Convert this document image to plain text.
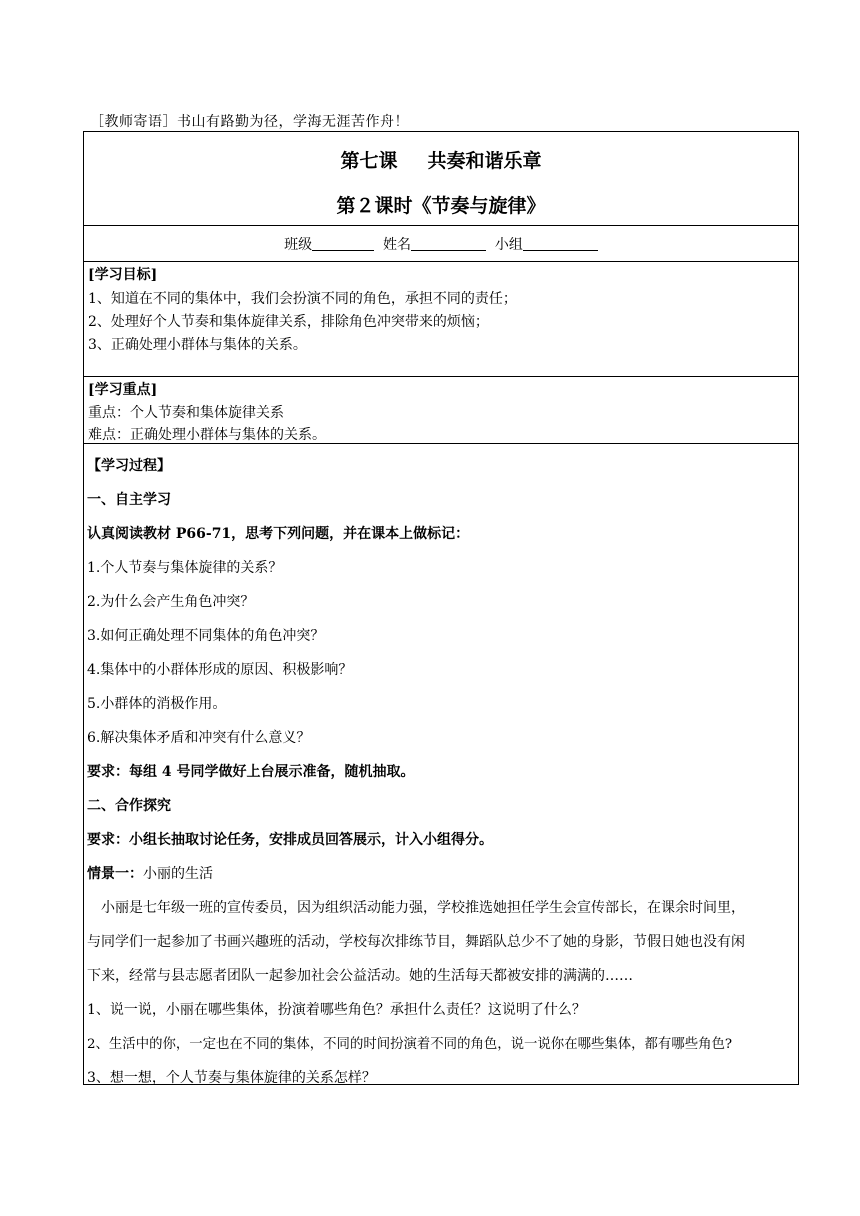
［教师寄语］书山有路勤为径，学海无涯苦作舟！
第七课 共奏和谐乐章
第２课时《节奏与旋律》
班级	姓名	小组
[学习目标]
1、知道在不同的集体中，我们会扮演不同的角色，承担不同的责任；
2、处理好个人节奏和集体旋律关系，排除角色冲突带来的烦恼；
3、正确处理小群体与集体的关系。
[学习重点]
重点：个人节奏和集体旋律关系
难点：正确处理小群体与集体的关系。
【学习过程】
一、自主学习
认真阅读教材 P66-71，思考下列问题，并在课本上做标记：
1.个人节奏与集体旋律的关系？
2.为什么会产生角色冲突？
3.如何正确处理不同集体的角色冲突？
4.集体中的小群体形成的原因、积极影响？
5.小群体的消极作用。
6.解决集体矛盾和冲突有什么意义？
要求：每组 4 号同学做好上台展示准备，随机抽取。
二、合作探究
要求：小组长抽取讨论任务，安排成员回答展示，计入小组得分。
情景一：小丽的生活
　小丽是七年级一班的宣传委员，因为组织活动能力强，学校推选她担任学生会宣传部长，在课余时间里，
与同学们一起参加了书画兴趣班的活动，学校每次排练节目，舞蹈队总少不了她的身影，节假日她也没有闲
下来，经常与县志愿者团队一起参加社会公益活动。她的生活每天都被安排的满满的……
1、说一说，小丽在哪些集体，扮演着哪些角色？承担什么责任？这说明了什么？
2、生活中的你，一定也在不同的集体，不同的时间扮演着不同的角色，说一说你在哪些集体，都有哪些角色?
3、想一想，个人节奏与集体旋律的关系怎样？
